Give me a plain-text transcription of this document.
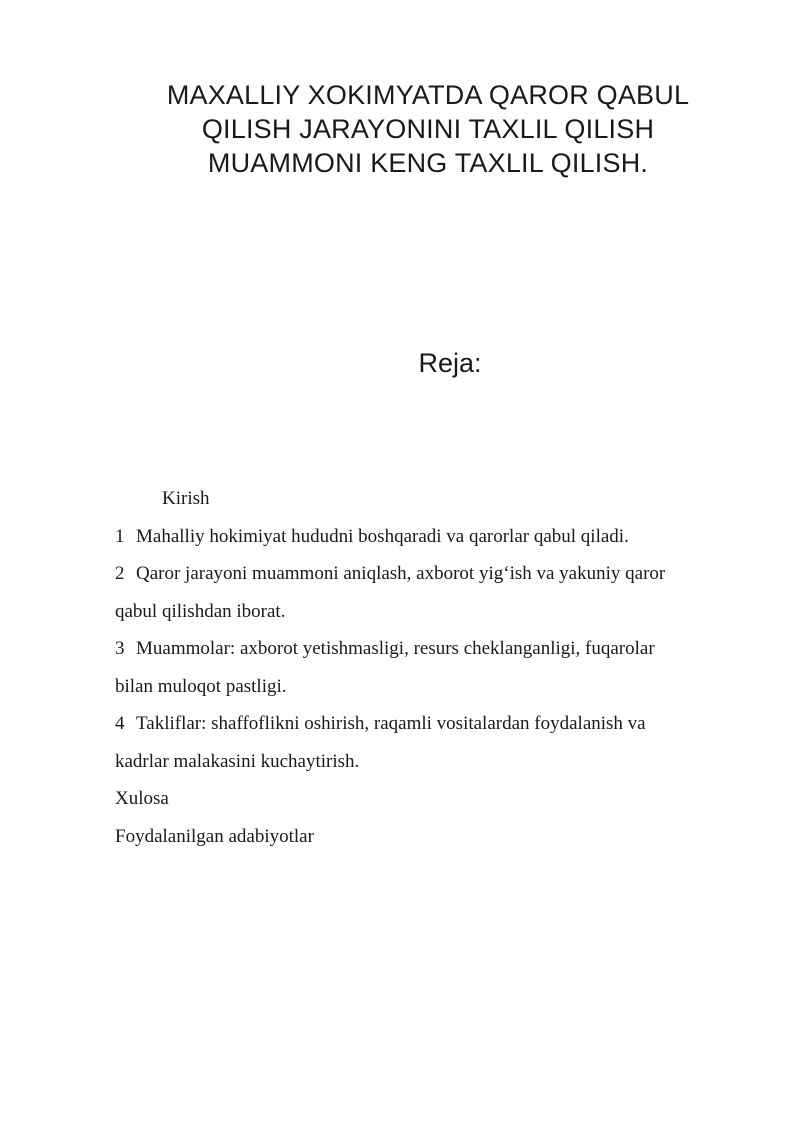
MAXALLIY XOKIMYATDA QAROR QABUL
QILISH JARAYONINI TAXLIL QILISH
MUAMMONI KENG TAXLIL QILISH.
Reja:
Kirish
1 Mahalliy hokimiyat hududni boshqaradi va qarorlar qabul qiladi.
2 Qaror jarayoni muammoni aniqlash, axborot yig‘ish va yakuniy qaror
qabul qilishdan iborat.
3 Muammolar: axborot yetishmasligi, resurs cheklanganligi, fuqarolar
bilan muloqot pastligi.
4 Takliflar: shaffoflikni oshirish, raqamli vositalardan foydalanish va
kadrlar malakasini kuchaytirish.
Xulosa
Foydalanilgan adabiyotlar
